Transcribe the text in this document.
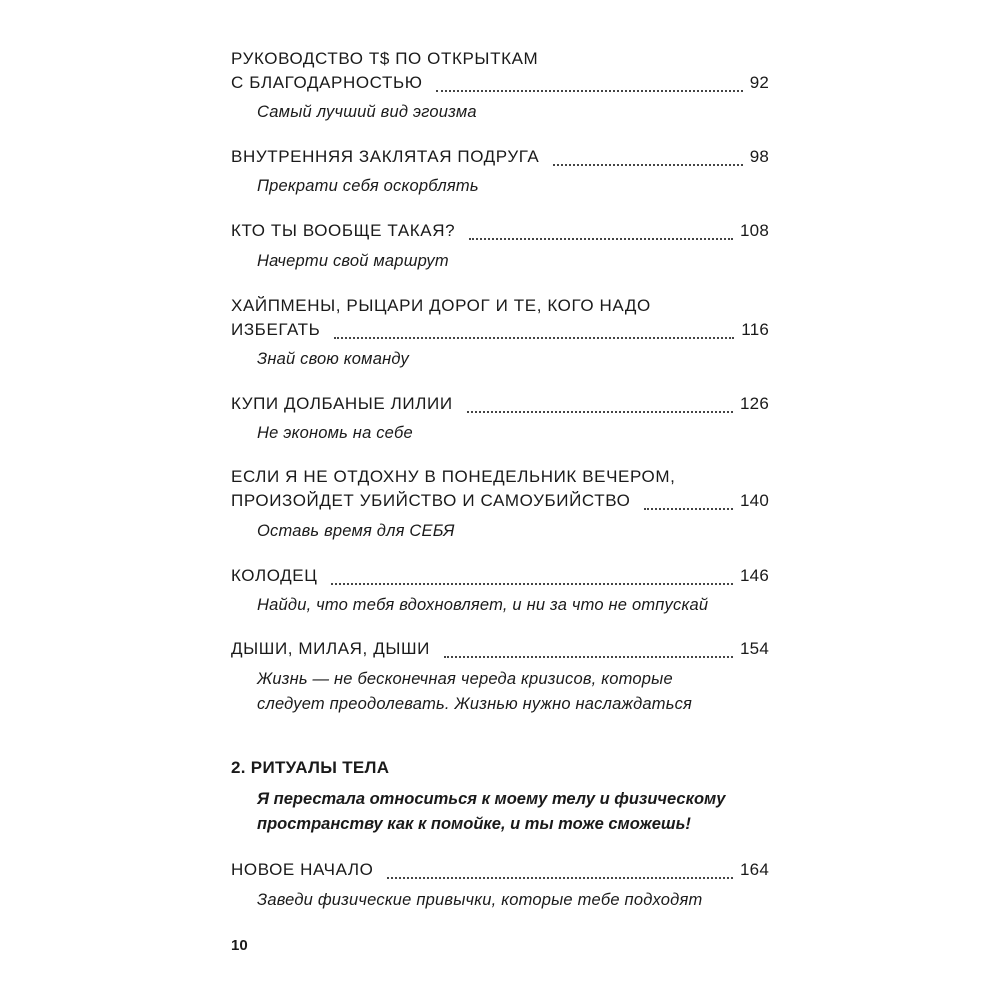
РУКОВОДСТВО T$ ПО ОТКРЫТКАМ
С БЛАГОДАРНОСТЬЮ	92
Самый лучший вид эгоизма
ВНУТРЕННЯЯ ЗАКЛЯТАЯ ПОДРУГА	98
Прекрати себя оскорблять
КТО ТЫ ВООБЩЕ ТАКАЯ?	108
Начерти свой маршрут
ХАЙПМЕНЫ, РЫЦАРИ ДОРОГ И ТЕ, КОГО НАДО
ИЗБЕГАТЬ	116
Знай свою команду
КУПИ ДОЛБАНЫЕ ЛИЛИИ	126
Не экономь на себе
ЕСЛИ Я НЕ ОТДОХНУ В ПОНЕДЕЛЬНИК ВЕЧЕРОМ,
ПРОИЗОЙДЕТ УБИЙСТВО И САМОУБИЙСТВО	140
Оставь время для СЕБЯ
КОЛОДЕЦ	146
Найди, что тебя вдохновляет, и ни за что не отпускай
ДЫШИ, МИЛАЯ, ДЫШИ	154
Жизнь — не бесконечная череда кризисов, которые
следует преодолевать. Жизнью нужно наслаждаться
2. РИТУАЛЫ ТЕЛА
Я перестала относиться к моему телу и физическому
пространству как к помойке, и ты тоже сможешь!
НОВОЕ НАЧАЛО	164
Заведи физические привычки, которые тебе подходят
10
